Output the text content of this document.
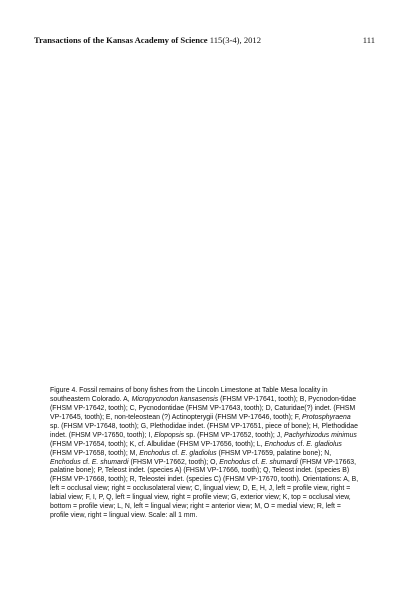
Transactions of the Kansas Academy of Science 115(3-4), 2012	111

Figure 4. Fossil remains of bony fishes from the Lincoln Limestone at Table Mesa locality in southeastern Colorado. A, Micropycnodon kansasensis (FHSM VP-17641, tooth); B, Pycnodon-tidae (FHSM VP-17642, tooth); C, Pycnodontidae (FHSM VP-17643, tooth); D, Caturidae(?) indet. (FHSM VP-17645, tooth); E, non-teleostean (?) Actinopterygii (FHSM VP-17646, tooth); F, Protosphyraena sp. (FHSM VP-17648, tooth); G, Plethodidae indet. (FHSM VP-17651, piece of bone); H, Plethodidae indet. (FHSM VP-17650, tooth); I, Elopopsis sp. (FHSM VP-17652, tooth); J, Pachyrhizodus minimus (FHSM VP-17654, tooth); K, cf. Albulidae (FHSM VP-17656, tooth); L, Enchodus cf. E. gladiolus (FHSM VP-17658, tooth); M, Enchodus cf. E. gladiolus (FHSM VP-17659, palatine bone); N, Enchodus cf. E. shumardi (FHSM VP-17662, tooth); O, Enchodus cf. E. shumardi (FHSM VP-17663, palatine bone); P, Teleost indet. (species A) (FHSM VP-17666, tooth); Q, Teleost indet. (species B) (FHSM VP-17668, tooth); R, Teleostei indet. (species C) (FHSM VP-17670, tooth). Orientations: A, B, left = occlusal view; right = occlusolateral view; C, lingual view; D, E, H, J, left = profile view, right = labial view; F, I, P, Q, left = lingual view, right = profile view; G, exterior view; K, top = occlusal view, bottom = profile view; L, N, left = lingual view; right = anterior view; M, O = medial view; R, left = profile view, right = lingual view. Scale: all 1 mm.
